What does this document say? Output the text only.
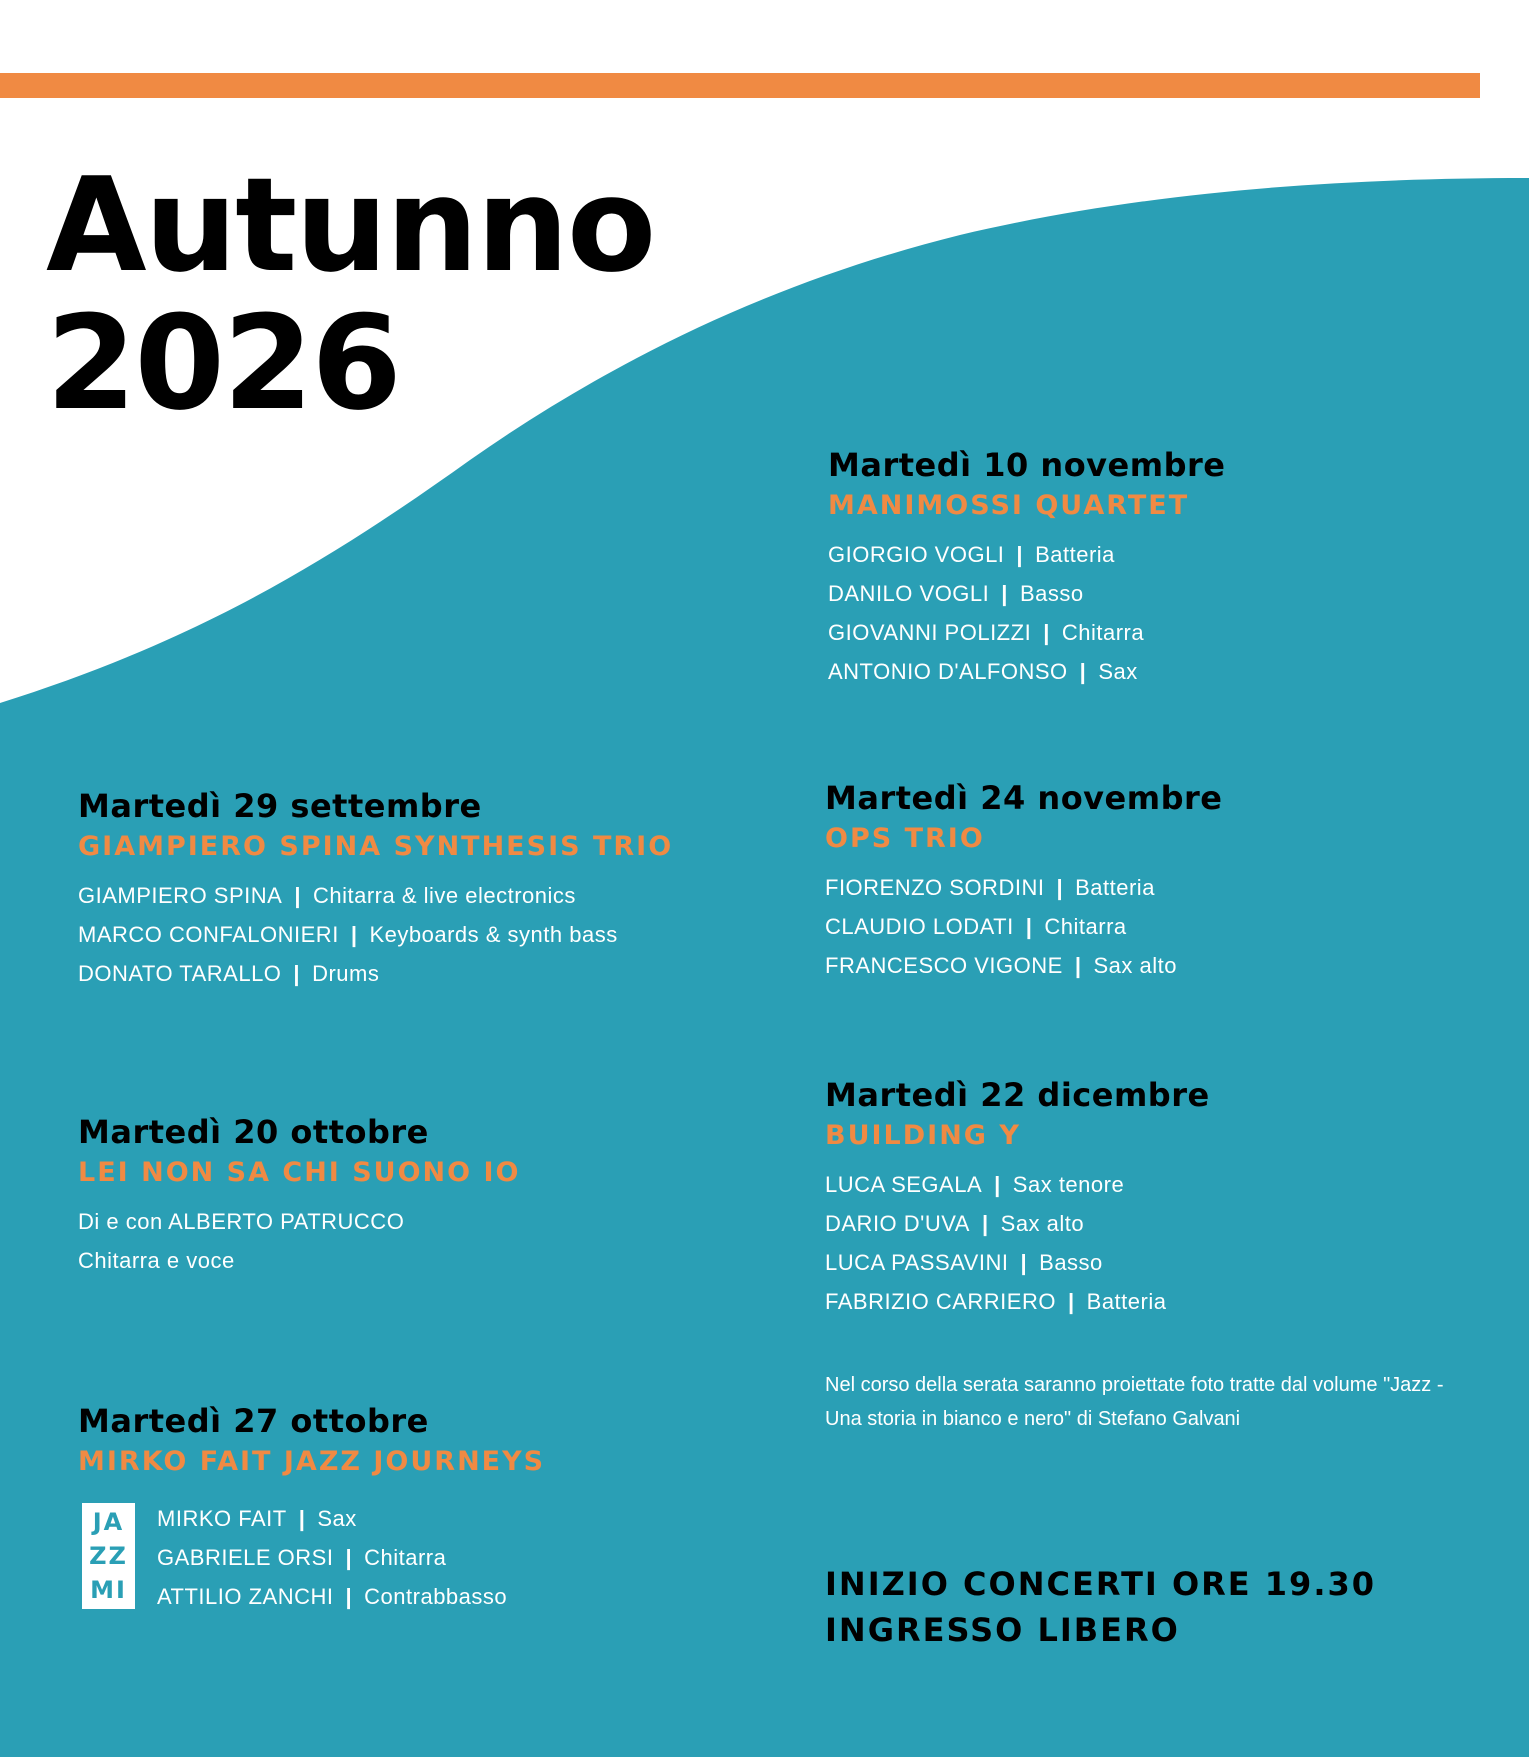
Autunno
2026
Martedì 10 novembre
MANIMOSSI QUARTET
GIORGIO VOGLI | Batteria
DANILO VOGLI | Basso
GIOVANNI POLIZZI | Chitarra
ANTONIO D'ALFONSO | Sax
Martedì 29 settembre
GIAMPIERO SPINA SYNTHESIS TRIO
GIAMPIERO SPINA | Chitarra & live electronics
MARCO CONFALONIERI | Keyboards & synth bass
DONATO TARALLO | Drums
Martedì 24 novembre
OPS TRIO
FIORENZO SORDINI | Batteria
CLAUDIO LODATI | Chitarra
FRANCESCO VIGONE | Sax alto
Martedì 20 ottobre
LEI NON SA CHI SUONO IO

Di e con ALBERTO PATRUCCO

Chitarra e voce

Martedì 22 dicembre
BUILDING Y
LUCA SEGALA | Sax tenore
DARIO D'UVA | Sax alto
LUCA PASSAVINI | Basso
FABRIZIO CARRIERO | Batteria
Martedì 27 ottobre
MIRKO FAIT JAZZ JOURNEYS
JA
ZZ
MI
MIRKO FAIT | Sax
GABRIELE ORSI | Chitarra
ATTILIO ZANCHI | Contrabbasso

Nel corso della serata saranno proiettate foto tratte dal volume "Jazz - Una storia in bianco e nero" di Stefano Galvani

INIZIO CONCERTI ORE 19.30

INGRESSO LIBERO
